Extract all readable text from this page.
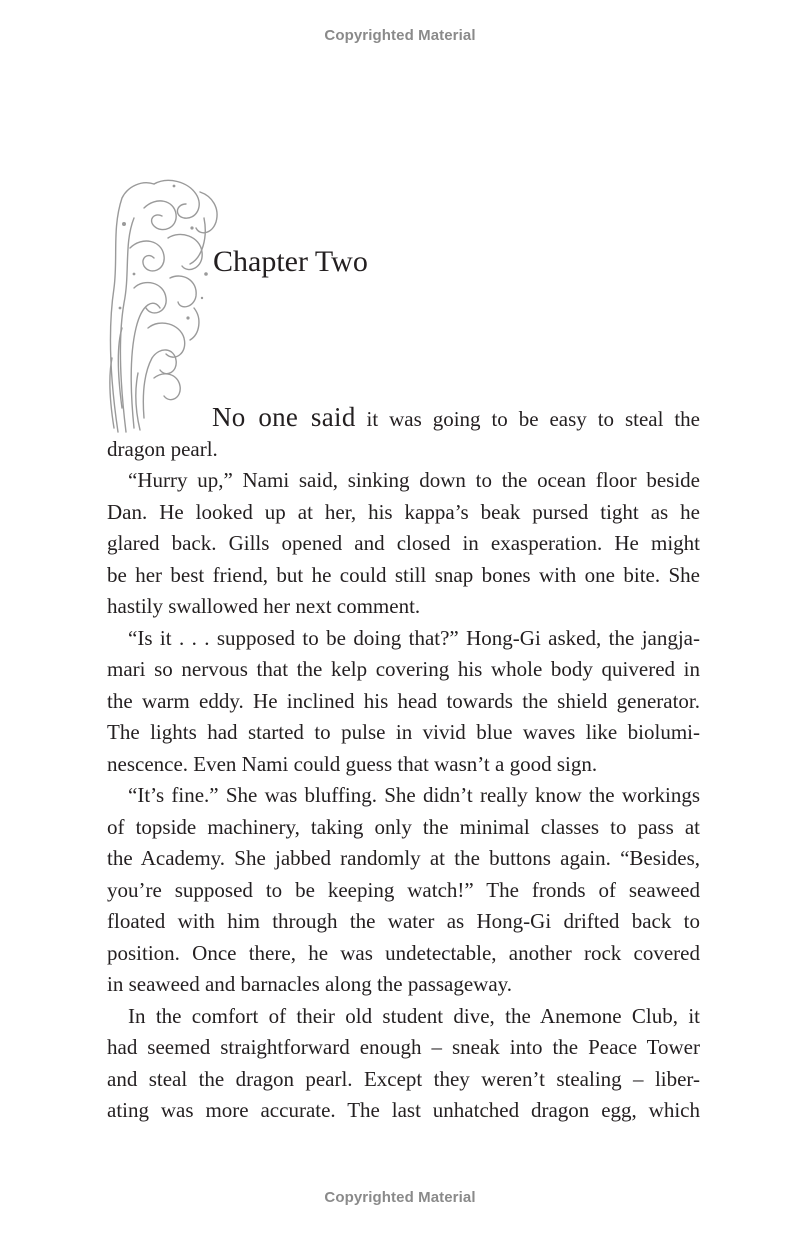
Copyrighted Material
Chapter Two
No one said it was going to be easy to steal the
dragon pearl.
“Hurry up,” Nami said, sinking down to the ocean floor beside
Dan. He looked up at her, his kappa’s beak pursed tight as he
glared back. Gills opened and closed in exasperation. He might
be her best friend, but he could still snap bones with one bite. She
hastily swallowed her next comment.
“Is it . . . supposed to be doing that?” Hong-Gi asked, the jangja-
mari so nervous that the kelp covering his whole body quivered in
the warm eddy. He inclined his head towards the shield generator.
The lights had started to pulse in vivid blue waves like biolumi-
nescence. Even Nami could guess that wasn’t a good sign.
“It’s fine.” She was bluffing. She didn’t really know the workings
of topside machinery, taking only the minimal classes to pass at
the Academy. She jabbed randomly at the buttons again. “Besides,
you’re supposed to be keeping watch!” The fronds of seaweed
floated with him through the water as Hong-Gi drifted back to
position. Once there, he was undetectable, another rock covered
in seaweed and barnacles along the passageway.
In the comfort of their old student dive, the Anemone Club, it
had seemed straightforward enough – sneak into the Peace Tower
and steal the dragon pearl. Except they weren’t stealing – liber-
ating was more accurate. The last unhatched dragon egg, which
Copyrighted Material
